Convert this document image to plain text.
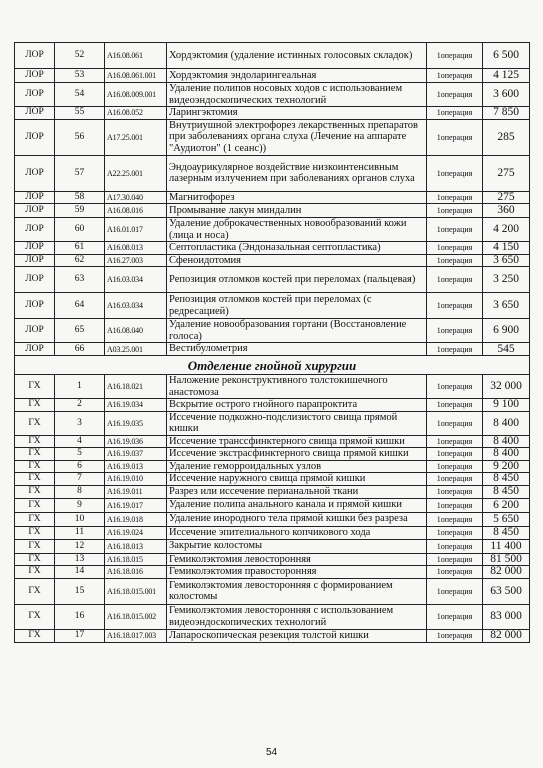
ЛОР	52	A16.08.061	Хордэктомия (удаление истинных голосовых складок)	1операция	6 500
ЛОР	53	A16.08.061.001	Хордэктомия эндоларингеальная	1операция	4 125
ЛОР	54	A16.08.009.001	Удаление полипов носовых ходов с использованием видеоэндоскопических технологий	1операция	3 600
ЛОР	55	A16.08.052	Ларингэктомия	1операция	7 850
ЛОР	56	A17.25.001	Внутриушной электрофорез лекарственных препаратов при заболеваниях органа слуха (Лечение на аппарате "Аудиотон" (1 сеанс))	1операция	285
ЛОР	57	A22.25.001	Эндоаурикулярное воздействие низкоинтенсивным лазерным излучением при заболеваниях органов слуха	1операция	275
ЛОР	58	A17.30.040	Магнитофорез	1операция	275
ЛОР	59	A16.08.016	Промывание лакун миндалин	1операция	360
ЛОР	60	A16.01.017	Удаление доброкачественных новообразований кожи (лица и носа)	1операция	4 200
ЛОР	61	A16.08.013	Септопластика (Эндоназальная септопластика)	1операция	4 150
ЛОР	62	A16.27.003	Сфеноидотомия	1операция	3 650
ЛОР	63	A16.03.034	Репозиция отломков костей при переломах (пальцевая)	1операция	3 250
ЛОР	64	A16.03.034	Репозиция отломков костей при переломах (с редресацией)	1операция	3 650
ЛОР	65	A16.08.040	Удаление новообразования гортани (Восстановление голоса)	1операция	6 900
ЛОР	66	A03.25.001	Вестибулометрия	1операция	545
Отделение гнойной хирургии					
ГХ	1	A16.18.021	Наложение реконструктивного толстокишечного анастомоза	1операция	32 000
ГХ	2	A16.19.034	Вскрытие острого гнойного парапроктита	1операция	9 100
ГХ	3	A16.19.035	Иссечение подкожно-подслизистого свища прямой кишки	1операция	8 400
ГХ	4	A16.19.036	Иссечение транссфинктерного свища прямой кишки	1операция	8 400
ГХ	5	A16.19.037	Иссечение экстрасфинктерного свища прямой кишки	1операция	8 400
ГХ	6	A16.19.013	Удаление геморроидальных узлов	1операция	9 200
ГХ	7	A16.19.010	Иссечение наружного свища прямой кишки	1операция	8 450
ГХ	8	A16.19.011	Разрез или иссечение перианальной ткани	1операция	8 450
ГХ	9	A16.19.017	Удаление полипа анального канала и прямой кишки	1операция	6 200
ГХ	10	A16.19.018	Удаление инородного тела прямой кишки без разреза	1операция	5 650
ГХ	11	A16.19.024	Иссечение эпителиального копчикового хода	1операция	8 450
ГХ	12	A16.18.013	Закрытие колостомы	1операция	11 400
ГХ	13	A16.18.015	Гемиколэктомия левосторонняя	1операция	81 500
ГХ	14	A16.18.016	Гемиколэктомия правосторонняя	1операция	82 000
ГХ	15	A16.18.015.001	Гемиколэктомия левосторонняя с формированием колостомы	1операция	63 500
ГХ	16	A16.18.015.002	Гемиколэктомия левосторонняя с использованием видеоэндоскопических технологий	1операция	83 000
ГХ	17	A16.18.017.003	Лапароскопическая резекция толстой кишки	1операция	82 000
54
